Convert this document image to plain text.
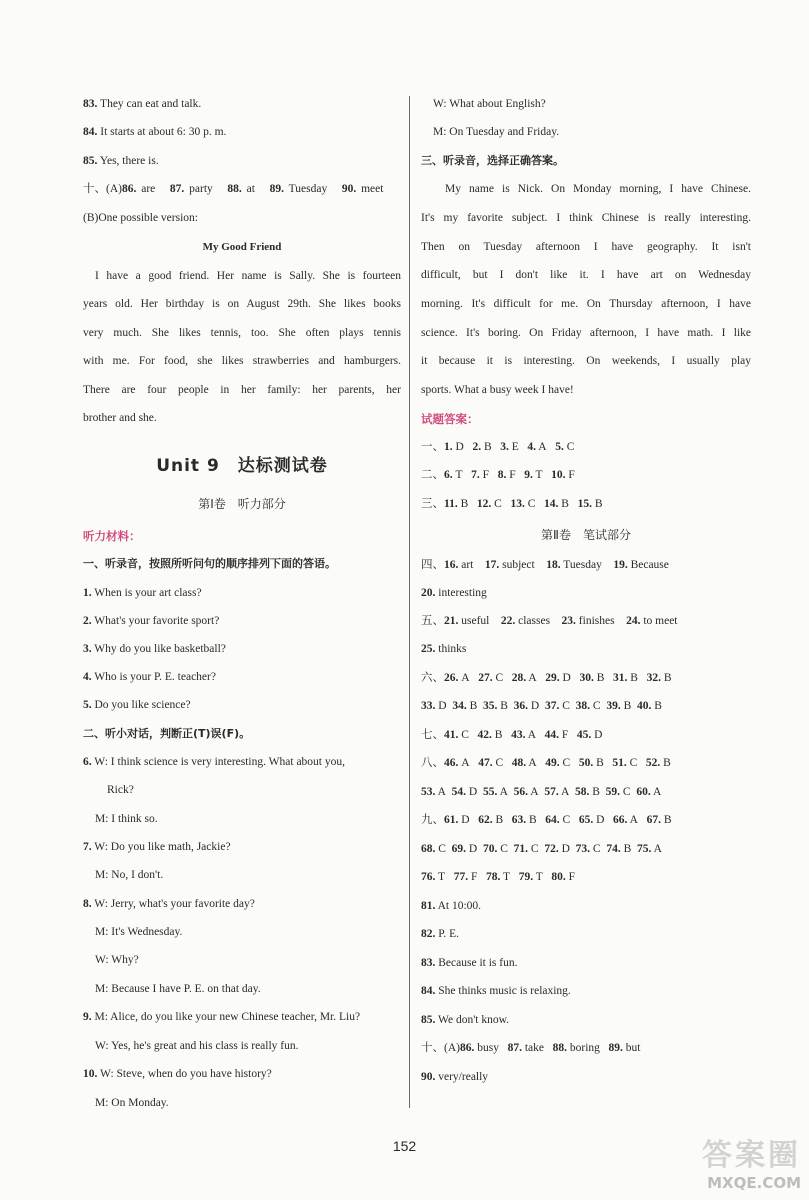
83. They can eat and talk.
84. It starts at about 6: 30 p. m.
85. Yes, there is.
十、(A)86. are 87. party 88. at 89. Tuesday 90. meet
(B)One possible version:
My Good Friend
I have a good friend. Her name is Sally. She is fourteen
years old. Her birthday is on August 29th. She likes books
very much. She likes tennis, too. She often plays tennis
with me. For food, she likes strawberries and hamburgers.
There are four people in her family: her parents, her
brother and she.
Unit 9　达标测试卷
第Ⅰ卷　听力部分
听力材料：
一、听录音，按照所听问句的顺序排列下面的答语。
1. When is your art class?
2. What's your favorite sport?
3. Why do you like basketball?
4. Who is your P. E. teacher?
5. Do you like science?
二、听小对话，判断正(T)误(F)。
6. W: I think science is very interesting. What about you,
Rick?
M: I think so.
7. W: Do you like math, Jackie?
M: No, I don't.
8. W: Jerry, what's your favorite day?
M: It's Wednesday.
W: Why?
M: Because I have P. E. on that day.
9. M: Alice, do you like your new Chinese teacher, Mr. Liu?
W: Yes, he's great and his class is really fun.
10. W: Steve, when do you have history?
M: On Monday.
W: What about English?
M: On Tuesday and Friday.
三、听录音，选择正确答案。
My name is Nick. On Monday morning, I have Chinese.
It's my favorite subject. I think Chinese is really interesting.
Then on Tuesday afternoon I have geography. It isn't
difficult, but I don't like it. I have art on Wednesday
morning. It's difficult for me. On Thursday afternoon, I have
science. It's boring. On Friday afternoon, I have math. I like
it because it is interesting. On weekends, I usually play
sports. What a busy week I have!
试题答案：
一、1. D 2. B 3. E 4. A 5. C
二、6. T 7. F 8. F 9. T 10. F
三、11. B 12. C 13. C 14. B 15. B
第Ⅱ卷　笔试部分
四、16. art 17. subject 18. Tuesday 19. Because
20. interesting
五、21. useful 22. classes 23. finishes 24. to meet
25. thinks
六、26. A 27. C 28. A 29. D 30. B 31. B 32. B
33. D 34. B 35. B 36. D 37. C 38. C 39. B 40. B
七、41. C 42. B 43. A 44. F 45. D
八、46. A 47. C 48. A 49. C 50. B 51. C 52. B
53. A 54. D 55. A 56. A 57. A 58. B 59. C 60. A
九、61. D 62. B 63. B 64. C 65. D 66. A 67. B
68. C 69. D 70. C 71. C 72. D 73. C 74. B 75. A
76. T 77. F 78. T 79. T 80. F
81. At 10:00.
82. P. E.
83. Because it is fun.
84. She thinks music is relaxing.
85. We don't know.
十、(A)86. busy 87. take 88. boring 89. but
90. very/really
152	答案圈
MXQE.COM
